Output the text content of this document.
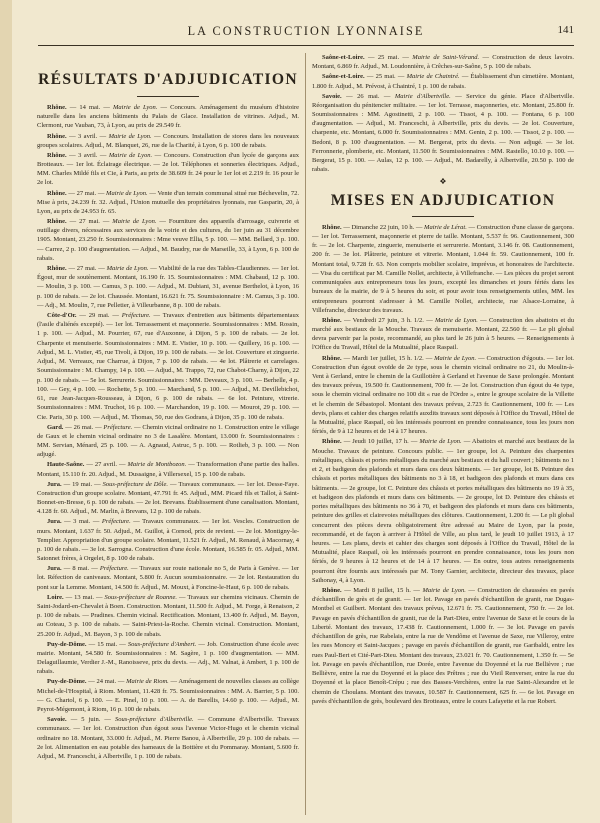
LA CONSTRUCTION LYONNAISE	141
RÉSULTATS D'ADJUDICATION

Rhône. — 14 mai. — Mairie de Lyon. — Concours. Aménagement du muséum d'histoire naturelle dans les anciens bâtiments du Palais de Glace. Installation de vitrines. Adjud., M. Clermont, rue Vauban, 73, à Lyon, au prix de 29.549 fr.

Rhône. — 3 avril. — Mairie de Lyon. — Concours. Installation de stores dans les nouveaux groupes scolaires. Adjud., M. Blanquet, 26, rue de la Charité, à Lyon, 6 p. 100 de rabais.

Rhône. — 3 avril. — Mairie de Lyon. — Concours. Construction d'un lycée de garçons aux Brotteaux. — 1er lot. Éclairage électrique. — 2e lot. Téléphones et sonneries électriques. Adjud., MM. Charles Mildé fils et Cie, à Paris, au prix de 38.609 fr. 24 pour le 1er lot et 2.219 fr. 16 pour le 2e lot.

Rhône. — 27 mai. — Mairie de Lyon. — Vente d'un terrain communal situé rue Béchevelin, 72. Mise à prix, 24.239 fr. 32. Adjud., l'Union mutuelle des propriétaires lyonnais, rue Gasparin, 20, à Lyon, au prix de 24.953 fr. 65.

Rhône. — 27 mai. — Mairie de Lyon. — Fourniture des appareils d'arrosage, cuivrerie et outillage divers, nécessaires aux services de la voirie et des cultures, du 1er juin au 31 décembre 1905. Montant, 23.250 fr. Soumissionnaires : Mme veuve Ellia, 5 p. 100. — MM. Bellard, 3 p. 100. — Carrez, 2 p. 100 d'augmentation. — Adjud., M. Baudry, rue de Marseille, 33, à Lyon, 6 p. 100 de rabais.

Rhône. — 27 mai. — Mairie de Lyon. — Viabilité de la rue des Tables-Claudiennes. — 1er lot. Égout, mur de soutènement. Montant, 16.190 fr. 15. Soumissionnaires : MM. Chabaud, 12 p. 100. — Moulin, 3 p. 100. — Camus, 3 p. 100. — Adjud., M. Dubiani, 31, avenue Berthelot, à Lyon, 16 p. 100 de rabais. — 2e lot. Chaussée. Montant, 16.621 fr. 75. Soumissionnaire : M. Camus, 3 p. 100. — Adj., M. Moulin, 7, rue Pelletier, à Villeurbanne, 8 p. 100 de rabais.

Côte-d'Or. — 29 mai. — Préfecture. — Travaux d'entretien aux bâtiments départementaux (l'asile d'aliénés excepté). — 1er lot. Terrassement et maçonnerie. Soumissionnaires : MM. Rossin, 1 p. 100. — Adjud., M. Pourrier, 67, rue d'Auxonne, à Dijon, 5 p. 100 de rabais. — 2e lot. Charpente et menuiserie. Soumissionnaires : MM. E. Vistier, 10 p. 100. — Quillery, 16 p. 100. — Adjud., M. L. Vistier, 45, rue Tivoli, à Dijon, 19 p. 100 de rabais. — 3e lot. Couverture et zinguerie. Adjud., M. Verreaux, rue Charrue, à Dijon, 7 p. 100 de rabais. — 4e lot. Plâtrerie et carrelages. Soumissionnaire : M. Champy, 14 p. 100. — Adjud., M. Trappo, 72, rue Chabot-Charny, à Dijon, 22 p. 100 de rabais. — 5e lot. Serrurerie. Soumissionnaires : MM. Deveaux, 3 p. 100. — Berhelle, 4 p. 100. — Gey, 4 p. 100. — Rochette, 5 p. 100. — Marchand, 5 p. 100. — Adjud., M. Devillebichot, 61, rue Jean-Jacques-Rousseau, à Dijon, 6 p. 100 de rabais. — 6e lot. Peinture, vitrerie. Soumissionnaires : MM. Truchot, 16 p. 100. — Marchandon, 19 p. 100. — Mourot, 29 p. 100. — Cie. Paris, 30 p. 100. — Adjud., M. Thomas, 50, rue des Godrans, à Dijon, 35 p. 100 de rabais.

Gard. — 26 mai. — Préfecture. — Chemin vicinal ordinaire no 1. Construction entre le village de Gaux et le chemin vicinal ordinaire no 3 de Lasalère. Montant, 13.000 fr. Soumissionnaires : MM. Servian, Ménard, 25 p. 100. — A. Agnaud, Astruc, 5 p. 100. — Rotlieb, 3 p. 100. — Non adjugé.

Haute-Saône. — 27 avril. — Mairie de Montbozon. — Transformation d'une partie des halles. Montant, 15.110 fr. 20. Adjud., M. Dussaigne, à Villersexel, 15 p. 100 de rabais.

Jura. — 19 mai. — Sous-préfecture de Dôle. — Travaux communaux. — 1er lot. Desse-Faye. Construction d'un groupe scolaire. Montant, 47.791 fr. 45. Adjud., MM. Picard fils et Tallot, à Saint-Bonnet-en-Bresse, 6 p. 100 de rabais. — 2e lot. Brevans. Établissement d'une canalisation. Montant, 4.128 fr. 60. Adjud., M. Marlin, à Brevans, 12 p. 100 de rabais.

Jura. — 3 mai. — Préfecture. — Travaux communaux. — 1er lot. Vescles. Construction de murs. Montant, 1.637 fr. 50. Adjud., M. Guillot, à Cornod, prix de revient. — 2e lot. Montigny-le-Templier. Appropriation d'un groupe scolaire. Montant, 11.521 fr. Adjud., M. Renaud, à Macornay, 4 p. 100 de rabais. — 3e lot. Sarrogna. Construction d'une école. Montant, 16.585 fr. 05. Adjud., MM. Satonnet frères, à Orgelet, 8 p. 100 de rabais.

Jura. — 8 mai. — Préfecture. — Travaux sur route nationale no 5, de Paris à Genève. — 1er lot. Réfection de caniveaux. Montant, 5.800 fr. Aucun soumissionnaire. — 2e lot. Restauration du pont sur la Lemme. Montant, 14.500 fr. Adjud., M. Mouxt, à Foncine-le-Haut, 6 p. 100 de rabais.

Loire. — 13 mai. — Sous-préfecture de Roanne. — Travaux sur chemins vicinaux. Chemin de Saint-Jodard-en-Chevalet à Boen. Construction. Montant, 11.500 fr. Adjud., M. Forge, à Renaison, 2 p. 100 de rabais. — Pradines. Chemin vicinal. Rectification. Montant, 13.400 fr. Adjud., M. Bayon, au Coteau, 3 p. 100 de rabais. — Saint-Priest-la-Roche. Chemin vicinal. Construction. Montant, 25.200 fr. Adjud., M. Bayon, 3 p. 100 de rabais.

Puy-de-Dôme. — 15 mai. — Sous-préfecture d'Ambert. — Job. Construction d'une école avec mairie. Montant, 54.580 fr. Soumissionnaires : M. Sagère, 1 p. 100 d'augmentation. — MM. Delaguillaumie, Verdier J.-M., Ranoisseve, prix du devis. — Adj., M. Valnat, à Ambert, 1 p. 100 de rabais.

Puy-de-Dôme. — 24 mai. — Mairie de Riom. — Aménagement de nouvelles classes au collège Michel-de-l'Hospital, à Riom. Montant, 11.428 fr. 75. Soumissionnaires : MM. A. Barrier, 5 p. 100. — G. Chartol, 6 p. 100. — E. Pinel, 10 p. 100. — A. de Barellis, 14.60 p. 100. — Adjud., M. Peyrot-Mégemont, à Riom, 16 p. 100 de rabais.

Savoie. — 5 juin. — Sous-préfecture d'Albertville. — Commune d'Albertville. Travaux communaux. — 1er lot. Construction d'un égout sous l'avenue Victor-Hugo et le chemin vicinal ordinaire no 18. Montant, 33.000 fr. Adjud., M. Pierre Banou, à Albertville, 29 p. 100 de rabais. — 2e lot. Alimentation en eau potable des hameaux de la Bottière et du Pommaray. Montant, 5.600 fr. Adjud., M. Franceschi, à Albertville, 1 p. 100 de rabais.

Saône-et-Loire. — 25 mai. — Mairie de Saint-Vérand. — Construction de deux lavoirs. Montant, 6.869 fr. Adjud., M. Loudonnière, à Crêches-sur-Saône, 5 p. 100 de rabais.

Saône-et-Loire. — 25 mai. — Mairie de Chaintré. — Établissement d'un cimetière. Montant, 1.800 fr. Adjud., M. Prévost, à Chaintré, 1 p. 100 de rabais.

Savoie. — 26 mai. — Mairie d'Albertville. — Service du génie. Place d'Albertville. Réorganisation du pénitencier militaire. — 1er lot. Terrasse, maçonneries, etc. Montant, 25.800 fr. Soumissionnaires : MM. Agostinetti, 2 p. 100. — Tissot, 4 p. 100. — Fontana, 6 p. 100 d'augmentation. — Adjud., M. Franceschi, à Albertville, prix du devis. — 2e lot. Couverture, charpente, etc. Montant, 6.000 fr. Soumissionnaires : MM. Genin, 2 p. 100. — Tissot, 2 p. 100. — Bedoni, 8 p. 100 d'augmentation. — M. Bergerat, prix du devis. — Non adjugé. — 3e lot. Ferronnerie, plomberie, etc. Montant, 11.500 fr. Soumissionnaires : MM. Rastello, 10.10 p. 100. — Bergerat, 15 p. 100. — Aulas, 12 p. 100. — Adjud., M. Badarelly, à Albertville, 20.50 p. 100 de rabais.

❖
MISES EN ADJUDICATION

Rhône. — Dimanche 22 juin, 10 h. — Mairie de Lérat. — Construction d'une classe de garçons. — 1er lot. Terrassement, maçonnerie et pierre de taille. Montant, 5.537 fr. 96. Cautionnement, 300 fr. — 2e lot. Charpente, zinguerie, menuiserie et serrurerie. Montant, 3.146 fr. 08. Cautionnement, 200 fr. — 3e lot. Plâtrerie, peinture et vitrerie. Montant, 1.044 fr. 59. Cautionnement, 100 fr. Montant total, 9.728 fr. 63. Non compris mobilier scolaire, imprévus, et honoraires de l'architecte. — Visa du certificat par M. Camille Nollet, architecte, à Villefranche. — Les pièces du projet seront communiquées aux entrepreneurs tous les jours, excepté les dimanches et jours fériés dans les bureaux de la mairie, de 9 à 5 heures du soir, et pour avoir tous renseignements utiles, MM. les entrepreneurs pourront s'adresser à M. Camille Nollet, architecte, rue Alsace-Lorraine, à Villefranche, directeur des travaux.

Rhône. — Vendredi 27 juin, 3 h. 1/2. — Mairie de Lyon. — Construction des abattoirs et du marché aux bestiaux de la Mouche. Travaux de menuiserie. Montant, 22.560 fr. — Le pli global devra parvenir par la poste, recommandé, au plus tard le 26 juin à 5 heures. — Renseignements à l'Office du Travail, Hôtel de la Mutualité, place Raspail.

Rhône. — Mardi 1er juillet, 15 h. 1/2. — Mairie de Lyon. — Construction d'égouts. — 1er lot. Construction d'un égout ovoïde de 2e type, sous le chemin vicinal ordinaire no 21, du Moulin-à-Vent à Gerland, entre le chemin de la Guillotière à Gerland et l'avenue de Saxe prolongée. Montant des travaux prévus, 19.500 fr. Cautionnement, 700 fr. — 2e lot. Construction d'un égout du 4e type, sous le chemin vicinal ordinaire no 100 dit « rue de l'Ordre », entre le groupe scolaire de la Villette et le chemin de Sébastopol. Montant des travaux prévus, 2.723 fr. Cautionnement, 100 fr. — Les devis, plans et cahier des charges relatifs auxdits travaux sont déposés à l'Office du Travail, Hôtel de la Mutualité, place Raspail, où les intéressés pourront en prendre connaissance, tous les jours non fériés, de 9 à 12 heures et de 14 à 17 heures.

Rhône. — Jeudi 10 juillet, 17 h. — Mairie de Lyon. — Abattoirs et marché aux bestiaux de la Mouche. Travaux de peinture. Concours public. — 1er groupe, lot A. Peinture des charpentes métalliques, châssis et portes métalliques du marché aux bestiaux et du hall couvert ; bâtiments no 1 et 2, et badigeon des plafonds et murs dans ces deux bâtiments. — 1er groupe, lot B. Peinture des châssis et portes métalliques des bâtiments no 3 à 18, et badigeon des plafonds et murs dans ces bâtiments. — 2e groupe, lot C. Peinture des châssis et portes métalliques des bâtiments no 19 à 35, et badigeon des plafonds et murs dans ces bâtiments. — 2e groupe, lot D. Peinture des châssis et portes métalliques des bâtiments no 36 à 70, et badigeon des plafonds et murs dans ces bâtiments, peinture des grilles et clairevoies métalliques des clôtures. Cautionnement, 1.200 fr. — Le pli global concurrent des pièces devra obligatoirement être adressé au Maire de Lyon, par la poste, recommandé, et de façon à arriver à l'Hôtel de Ville, au plus tard, le jeudi 10 juillet 1913, à 17 heures. — Les plans, devis et cahier des charges sont déposés à l'Office du Travail, Hôtel de la Mutualité, place Raspail, où les intéressés pourront en prendre connaissance, tous les jours non fériés, de 9 heures à 12 heures et de 14 à 17 heures. — En outre, tous autres renseignements pourront être fournis aux intéressés par M. Tony Garnier, architecte, directeur des travaux, place Saïhonay, 4, à Lyon.

Rhône. — Mardi 8 juillet, 15 h. — Mairie de Lyon. — Construction de chaussées en pavés d'échantillon de grès et de granit. — 1er lot. Pavage en pavés d'échantillon de granit, rue Dugas-Montbel et Guilbert. Montant des travaux prévus, 12.671 fr. 75. Cautionnement, 750 fr. — 2e lot. Pavage en pavés d'échantillon de granit, rue de la Part-Dieu, entre l'avenue de Saxe et le cours de la Liberté. Montant des travaux, 17.438 fr. Cautionnement, 1.000 fr. — 3e lot. Pavage en pavés d'échantillon de grès, rue Rabelais, entre la rue de Vendôme et l'avenue de Saxe, rue Villeroy, entre les rues Moncey et Saint-Jacques ; pavage en pavés d'échantillon de granit, rue Garibaldi, entre les rues Paul-Bert et Cité-Part-Dieu. Montant des travaux, 23.021 fr. 70. Cautionnement, 1.350 fr. — 5e lot. Pavage en pavés d'échantillon, rue Dorée, entre l'avenue du Doyenné et la rue Bellièvre ; rue Bellièvre, entre la rue du Doyenné et la place des Prêtres ; rue du Vieil Renverser, entre la rue du Doyenné et la place Benoît-Crépu ; rue des Basses-Verchères, entre la rue Saint-Alexandre et le chemin de Choulans. Montant des travaux, 10.587 fr. Cautionnement, 625 fr. — 6e lot. Pavage en pavés d'échantillon de grès, boulevard des Brotteaux, entre le cours Lafayette et la rue Robert.
